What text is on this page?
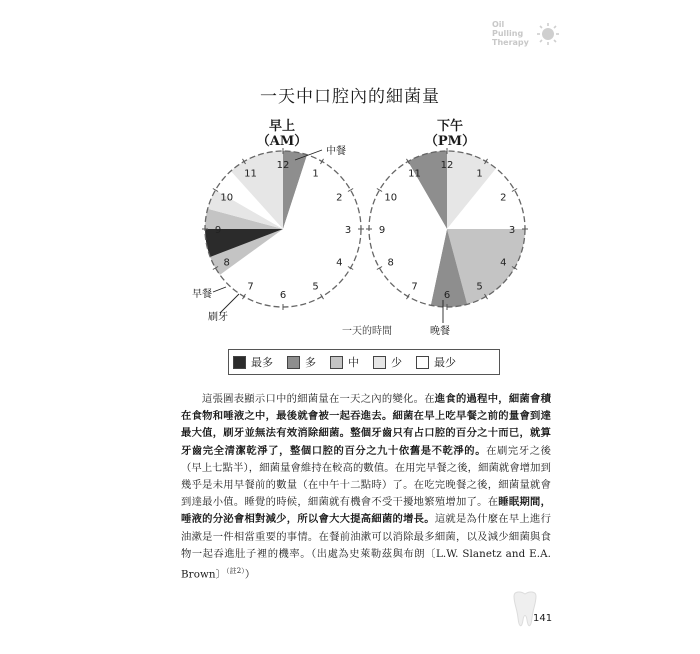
Oil
Pulling
Therapy
一天中口腔內的細菌量
早上
（AM）
下午
（PM）
12
1
2
3
4
5
6
7
8
9
10
11
12
1
2
3
4
5
6
7
8
9
10
11
中餐
早餐
刷牙
晚餐
一天的時間
最多	多	中	少	最少
  這張圖表顯示口中的細菌量在一天之內的變化。在進食的過程中，細菌會積在食物和唾液之中，最後就會被一起吞進去。細菌在早上吃早餐之前的量會到達最大值，刷牙並無法有效消除細菌。整個牙齒只有占口腔的百分之十而已，就算牙齒完全清潔乾淨了，整個口腔的百分之九十依舊是不乾淨的。在刷完牙之後（早上七點半），細菌量會維持在較高的數值。在用完早餐之後，細菌就會增加到幾乎是未用早餐前的數量（在中午十二點時）了。在吃完晚餐之後，細菌量就會到達最小值。睡覺的時候，細菌就有機會不受干擾地繁殖增加了。在睡眠期間，唾液的分泌會相對減少，所以會大大提高細菌的增長。這就是為什麼在早上進行油漱是一件相當重要的事情。在餐前油漱可以消除最多細菌，以及減少細菌與食物一起吞進肚子裡的機率。（出處為史萊勒茲與布朗〔L.W. Slanetz and E.A. Brown〕$^{(註2)}$）
141
